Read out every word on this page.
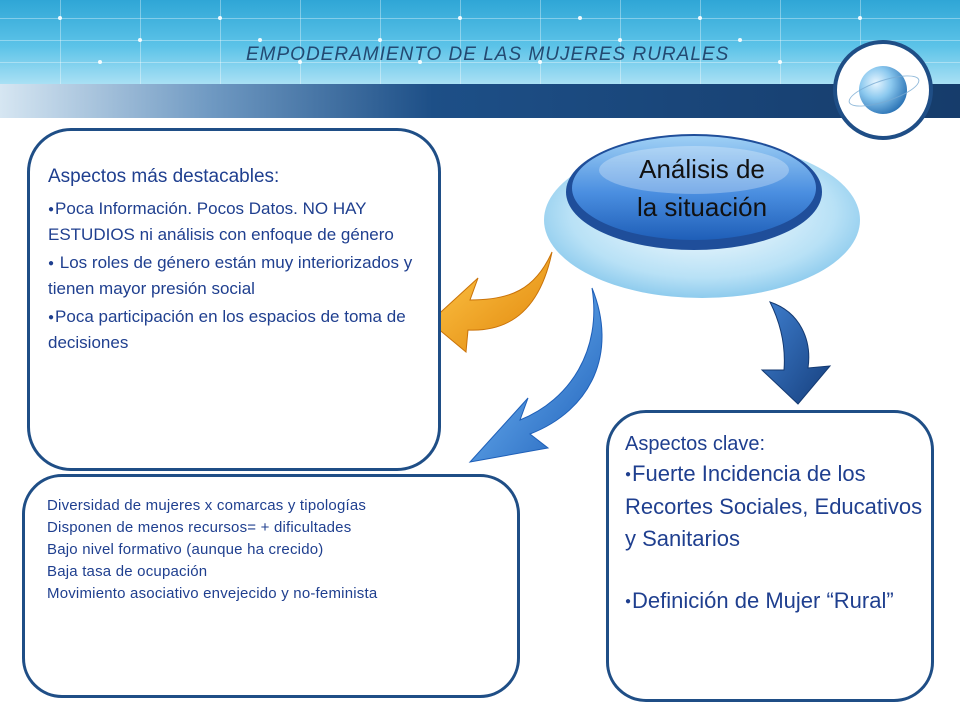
EMPODERAMIENTO DE LAS MUJERES RURALES
Análisis de
la situación
Aspectos más destacables:
●Poca Información. Pocos Datos. NO HAY ESTUDIOS ni análisis con enfoque de género
● Los roles de género están muy interiorizados y tienen mayor presión social
●Poca participación en los espacios de toma de decisiones
Diversidad de mujeres x comarcas y tipologías
Disponen de menos recursos= + dificultades
Bajo nivel formativo (aunque ha crecido)
Baja tasa de ocupación
Movimiento asociativo envejecido y no-feminista
Aspectos clave:
●Fuerte Incidencia de los Recortes Sociales, Educativos y Sanitarios
●Definición de Mujer “Rural”
